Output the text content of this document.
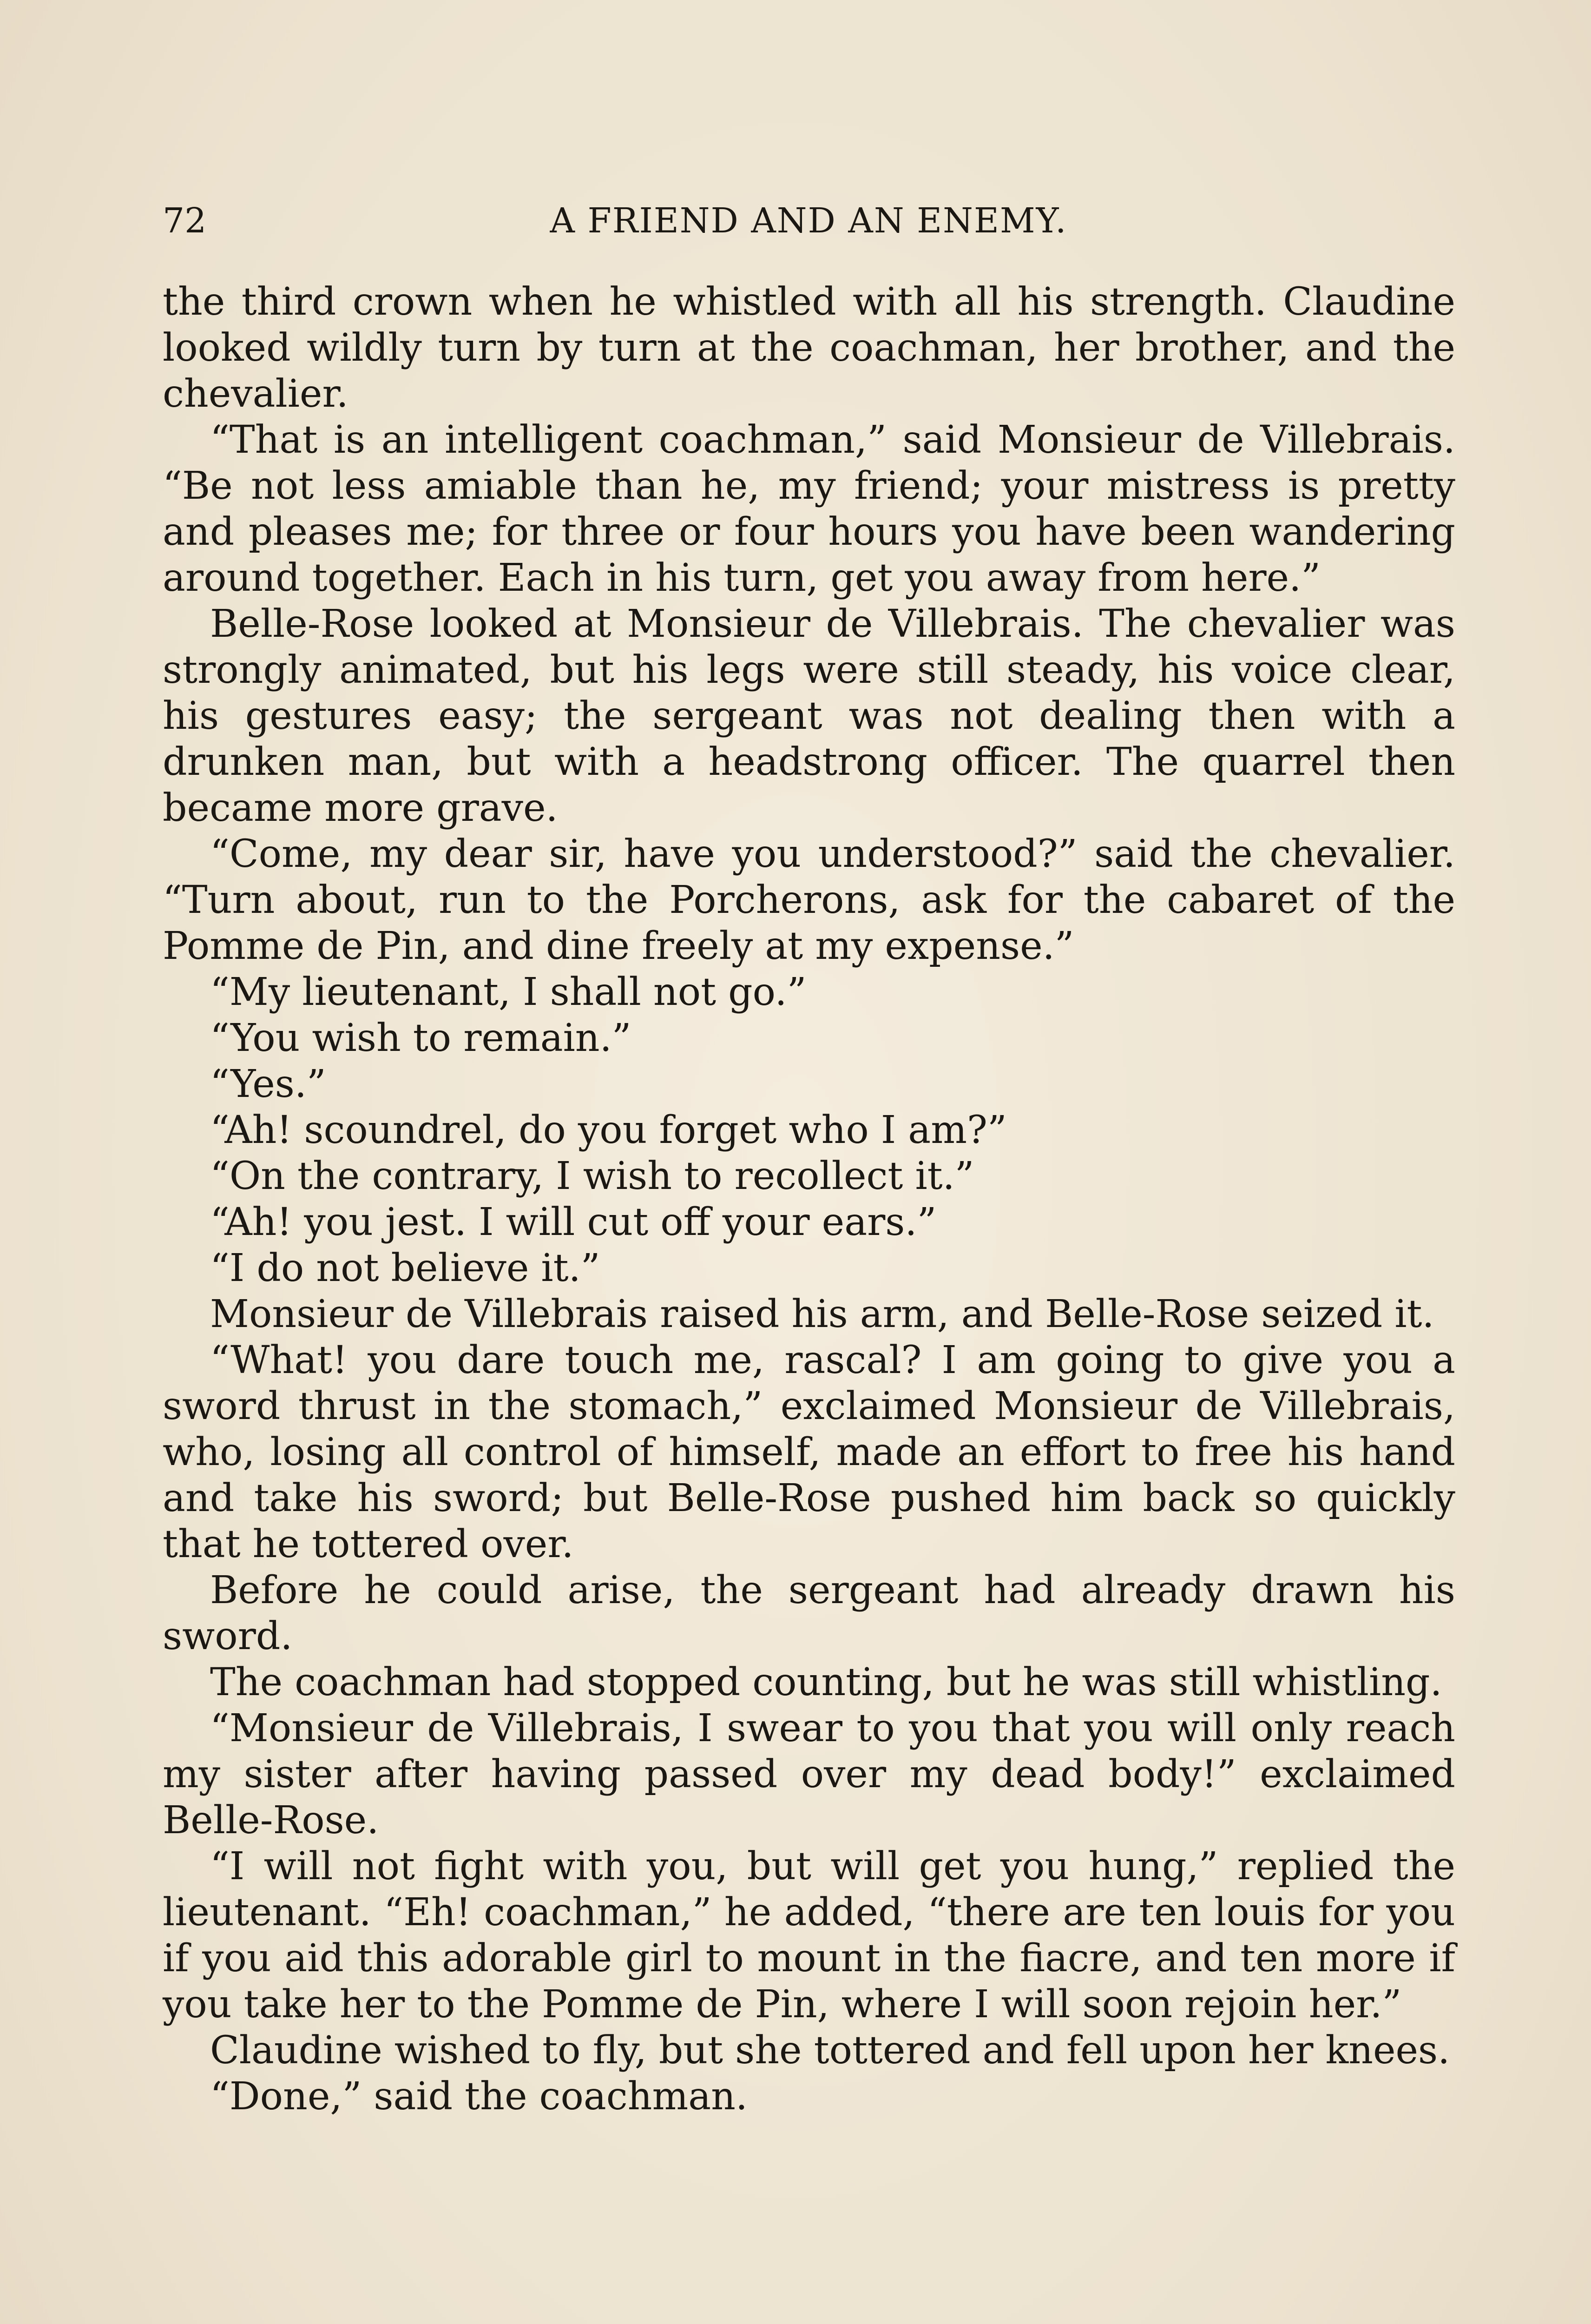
72	A FRIEND AND AN ENEMY.

the third crown when he whistled with all his strength. Claudine looked wildly turn by turn at the coachman, her brother, and the chevalier.

“That is an intelligent coachman,” said Monsieur de Villebrais. “Be not less amiable than he, my friend; your mistress is pretty and pleases me; for three or four hours you have been wandering around together. Each in his turn, get you away from here.”

Belle-Rose looked at Monsieur de Villebrais. The chevalier was strongly animated, but his legs were still steady, his voice clear, his gestures easy; the sergeant was not dealing then with a drunken man, but with a headstrong officer. The quarrel then became more grave.

“Come, my dear sir, have you understood?” said the chevalier. “Turn about, run to the Porcherons, ask for the cabaret of the Pomme de Pin, and dine freely at my expense.”

“My lieutenant, I shall not go.”

“You wish to remain.”

“Yes.”

“Ah! scoundrel, do you forget who I am?”

“On the contrary, I wish to recollect it.”

“Ah! you jest. I will cut off your ears.”

“I do not believe it.”

Monsieur de Villebrais raised his arm, and Belle-Rose seized it.

“What! you dare touch me, rascal? I am going to give you a sword thrust in the stomach,” exclaimed Monsieur de Villebrais, who, losing all control of himself, made an effort to free his hand and take his sword; but Belle-Rose pushed him back so quickly that he tottered over.

Before he could arise, the sergeant had already drawn his sword.

The coachman had stopped counting, but he was still whistling.

“Monsieur de Villebrais, I swear to you that you will only reach my sister after having passed over my dead body!” exclaimed Belle-Rose.

“I will not fight with you, but will get you hung,” replied the lieutenant. “Eh! coachman,” he added, “there are ten louis for you if you aid this adorable girl to mount in the fiacre, and ten more if you take her to the Pomme de Pin, where I will soon rejoin her.”

Claudine wished to fly, but she tottered and fell upon her knees.

“Done,” said the coachman.
